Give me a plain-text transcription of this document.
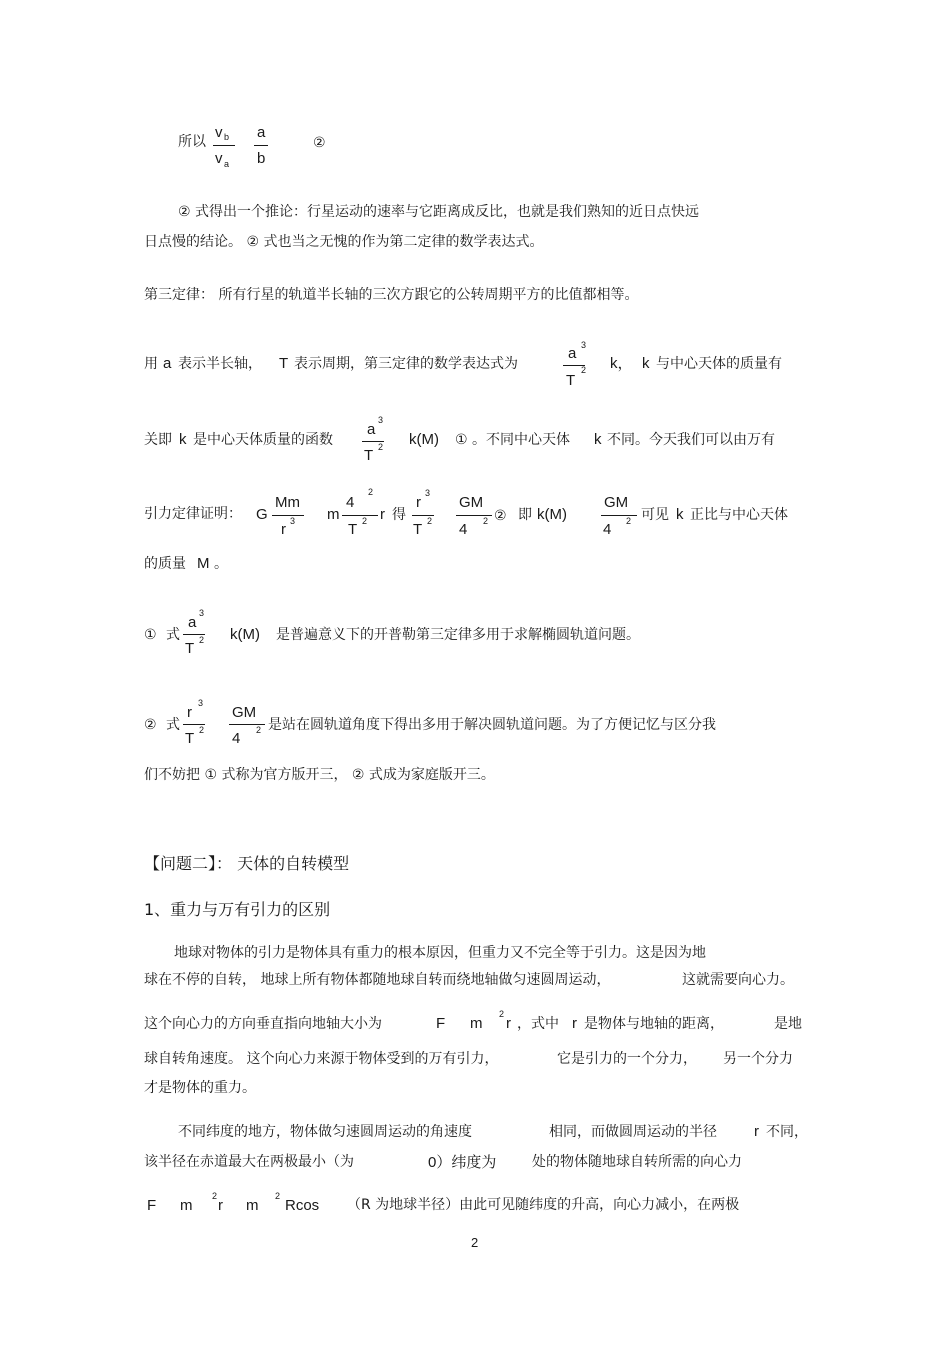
所以
v b
v a
a
b
②
② 式得出一个推论：行星运动的速率与它距离成反比，也就是我们熟知的近日点快远
日点慢的结论。 ② 式也当之无愧的作为第二定律的数学表达式。
第三定律： 所有行星的轨道半长轴的三次方跟它的公转周期平方的比值都相等。
用 a 表示半长轴， T 表示周期，第三定律的数学表达式为
a 3
T
2 k， k 与中心天体的质量有
关即 k 是中心天体质量的函数
a
3
T 2 k(M) ① 。不同中心天体 k 不同。今天我们可以由万有
引力定律证明： G
Mm
r 3 m
4
2
T 2 r 得
r
3
T 2
GM
4 2 ② 即 k(M)
GM
4 2 可见 k 正比与中心天体
的质量 M 。
① 式
a
3
T 2 k(M) 是普遍意义下的开普勒第三定律多用于求解椭圆轨道问题。
② 式
r
3
T 2
GM
4 2 是站在圆轨道角度下得出多用于解决圆轨道问题。为了方便记忆与区分我
们不妨把 ① 式称为官方版开三， ② 式成为家庭版开三。
【问题二】： 天体的自转模型
1、重力与万有引力的区别
地球对物体的引力是物体具有重力的根本原因，但重力又不完全等于引力。这是因为地
球在不停的自转， 地球上所有物体都随地球自转而绕地轴做匀速圆周运动，	这就需要向心力。
这个向心力的方向垂直指向地轴大小为	F m
2
r ，式中 r 是物体与地轴的距离，	是地
球自转角速度。 这个向心力来源于物体受到的万有引力，	它是引力的一个分力， 另一个分力
才是物体的重力。
不同纬度的地方，物体做匀速圆周运动的角速度	相同，而做圆周运动的半径 r 不同，
该半径在赤道最大在两极最小（为	0）纬度为	处的物体随地球自转所需的向心力
F m
2
r m
2
Rcos （R 为地球半径）由此可见随纬度的升高，向心力减小，在两极
2
